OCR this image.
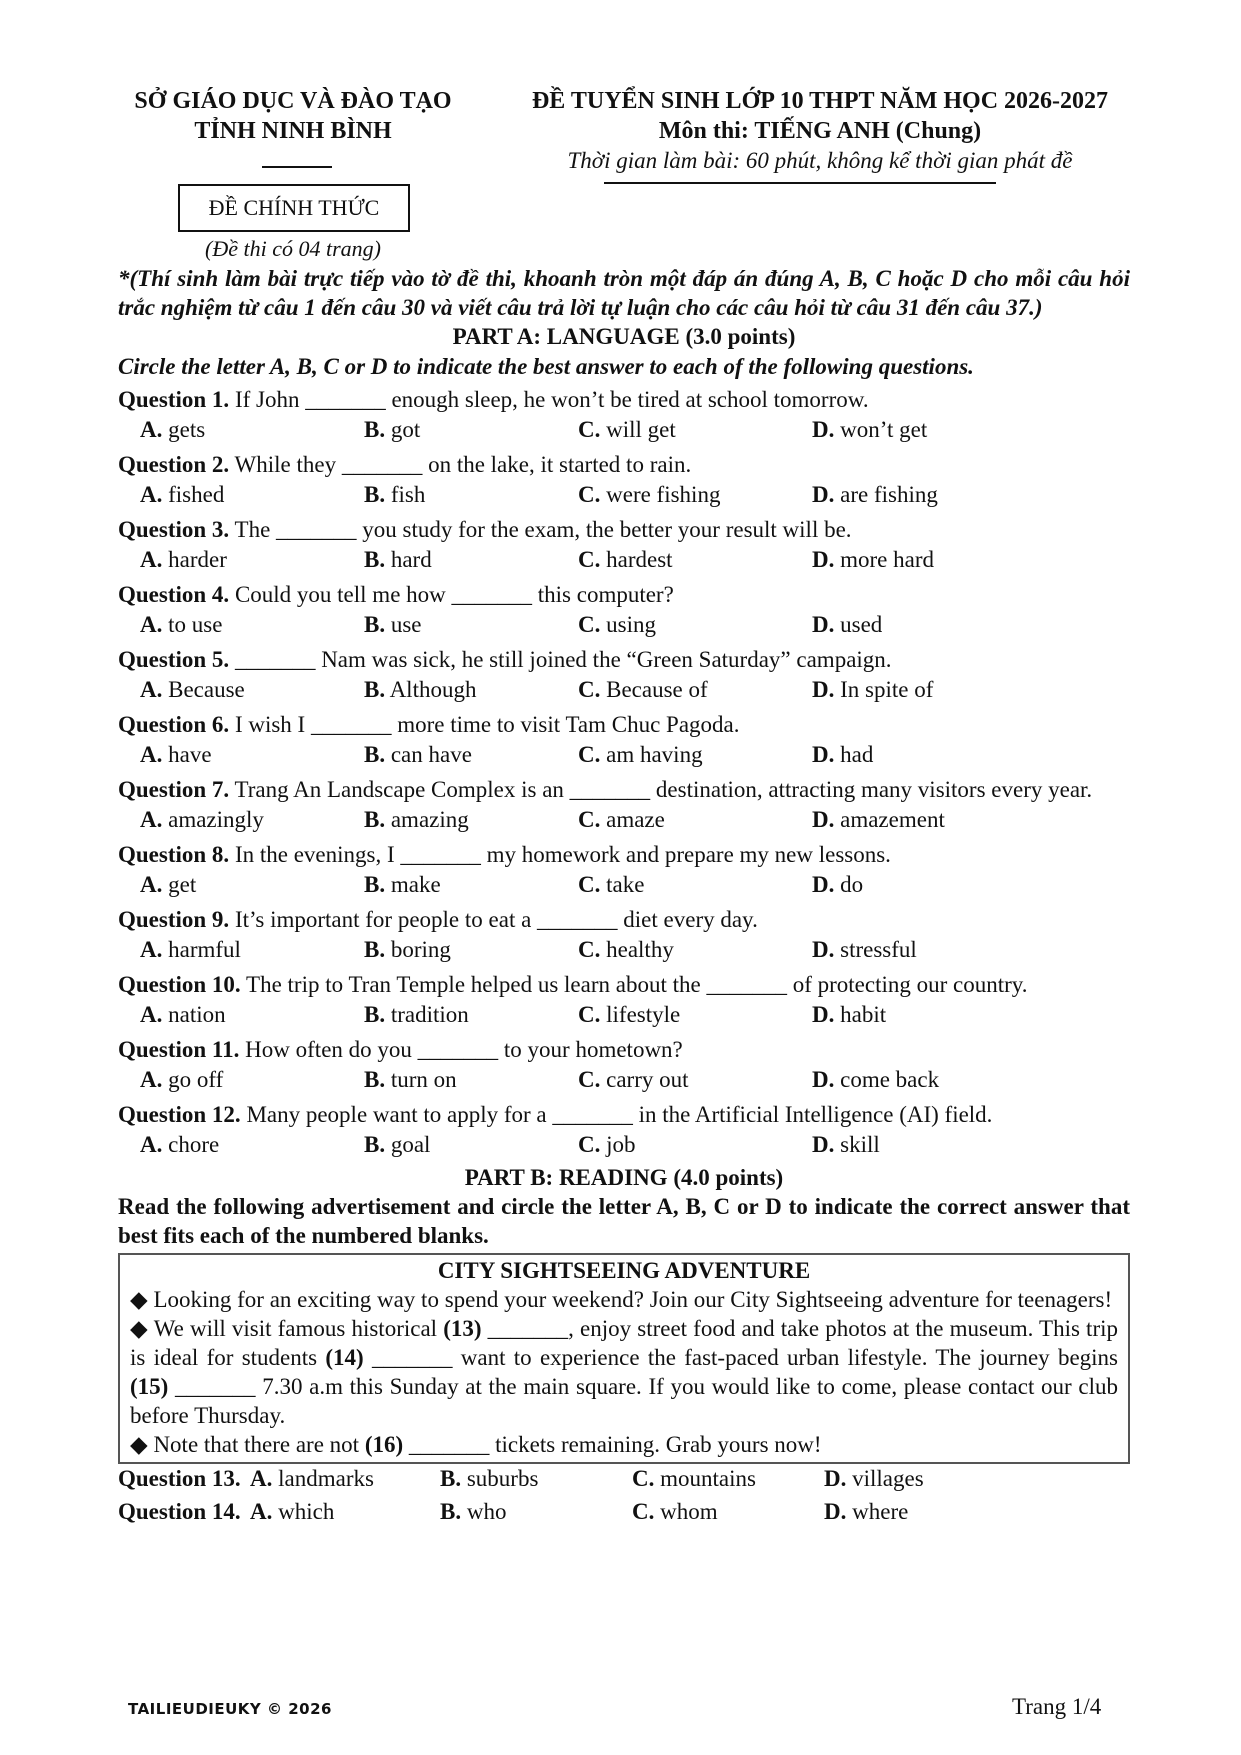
SỞ GIÁO DỤC VÀ ĐÀO TẠO
TỈNH NINH BÌNH
ĐỀ TUYỂN SINH LỚP 10 THPT NĂM HỌC 2026-2027
Môn thi: TIẾNG ANH (Chung)
Thời gian làm bài: 60 phút, không kể thời gian phát đề
ĐỀ CHÍNH THỨC
(Đề thi có 04 trang)
*(Thí sinh làm bài trực tiếp vào tờ đề thi, khoanh tròn một đáp án đúng A, B, C hoặc D cho mỗi câu hỏi trắc nghiệm từ câu 1 đến câu 30 và viết câu trả lời tự luận cho các câu hỏi từ câu 31 đến câu 37.)
PART A: LANGUAGE (3.0 points)
Circle the letter A, B, C or D to indicate the best answer to each of the following questions.
Question 1. If John _______ enough sleep, he won’t be tired at school tomorrow.
A. gets	B. got	C. will get	D. won’t get
Question 2. While they _______ on the lake, it started to rain.
A. fished	B. fish	C. were fishing	D. are fishing
Question 3. The _______ you study for the exam, the better your result will be.
A. harder	B. hard	C. hardest	D. more hard
Question 4. Could you tell me how _______ this computer?
A. to use	B. use	C. using	D. used
Question 5. _______ Nam was sick, he still joined the “Green Saturday” campaign.
A. Because	B. Although	C. Because of	D. In spite of
Question 6. I wish I _______ more time to visit Tam Chuc Pagoda.
A. have	B. can have	C. am having	D. had
Question 7. Trang An Landscape Complex is an _______ destination, attracting many visitors every year.
A. amazingly	B. amazing	C. amaze	D. amazement
Question 8. In the evenings, I _______ my homework and prepare my new lessons.
A. get	B. make	C. take	D. do
Question 9. It’s important for people to eat a _______ diet every day.
A. harmful	B. boring	C. healthy	D. stressful
Question 10. The trip to Tran Temple helped us learn about the _______ of protecting our country.
A. nation	B. tradition	C. lifestyle	D. habit
Question 11. How often do you _______ to your hometown?
A. go off	B. turn on	C. carry out	D. come back
Question 12. Many people want to apply for a _______ in the Artificial Intelligence (AI) field.
A. chore	B. goal	C. job	D. skill
PART B: READING (4.0 points)
Read the following advertisement and circle the letter A, B, C or D to indicate the correct answer that best fits each of the numbered blanks.
CITY SIGHTSEEING ADVENTURE
◆ Looking for an exciting way to spend your weekend? Join our City Sightseeing adventure for teenagers!
◆ We will visit famous historical (13) _______, enjoy street food and take photos at the museum. This trip is ideal for students (14) _______ want to experience the fast-paced urban lifestyle. The journey begins (15) _______ 7.30 a.m this Sunday at the main square. If you would like to come, please contact our club before Thursday.
◆ Note that there are not (16) _______ tickets remaining. Grab yours now!
Question 13. A. landmarks	B. suburbs	C. mountains	D. villages
Question 14. A. which	B. who	C. whom	D. where
TAILIEUDIEUKY © 2026	Trang 1/4
